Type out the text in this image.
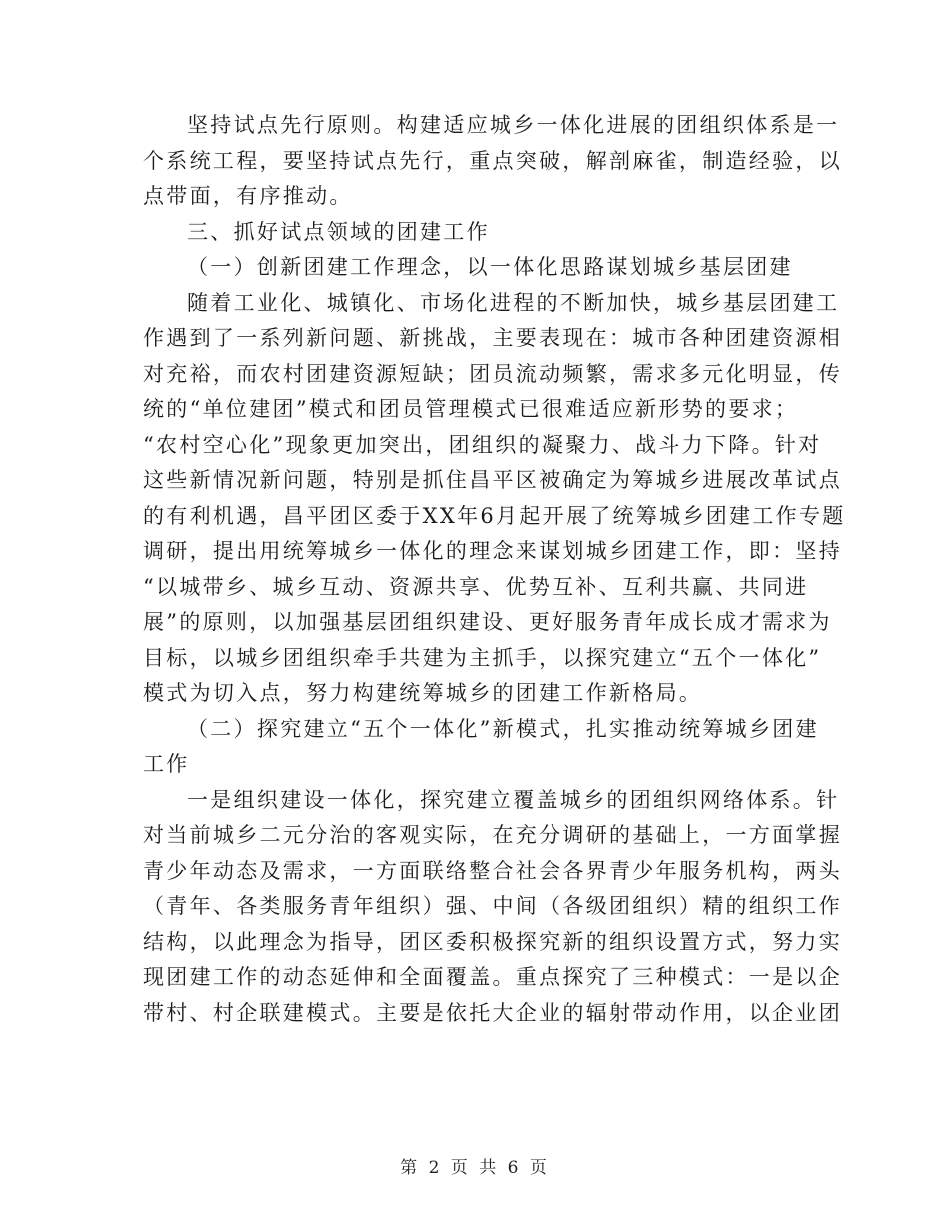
坚持试点先行原则。构建适应城乡一体化进展的团组织体系是一
个系统工程，要坚持试点先行，重点突破，解剖麻雀，制造经验，以
点带面，有序推动。
三、抓好试点领域的团建工作
（一）创新团建工作理念，以一体化思路谋划城乡基层团建
随着工业化、城镇化、市场化进程的不断加快，城乡基层团建工
作遇到了一系列新问题、新挑战，主要表现在：城市各种团建资源相
对充裕，而农村团建资源短缺；团员流动频繁，需求多元化明显，传
统的“单位建团”模式和团员管理模式已很难适应新形势的要求；
“农村空心化”现象更加突出，团组织的凝聚力、战斗力下降。针对
这些新情况新问题，特别是抓住昌平区被确定为筹城乡进展改革试点
的有利机遇，昌平团区委于XX年6月起开展了统筹城乡团建工作专题
调研，提出用统筹城乡一体化的理念来谋划城乡团建工作，即：坚持
“以城带乡、城乡互动、资源共享、优势互补、互利共赢、共同进
展”的原则，以加强基层团组织建设、更好服务青年成长成才需求为
目标，以城乡团组织牵手共建为主抓手，以探究建立“五个一体化”
模式为切入点，努力构建统筹城乡的团建工作新格局。
（二）探究建立“五个一体化”新模式，扎实推动统筹城乡团建
工作
一是组织建设一体化，探究建立覆盖城乡的团组织网络体系。针
对当前城乡二元分治的客观实际，在充分调研的基础上，一方面掌握
青少年动态及需求，一方面联络整合社会各界青少年服务机构，两头
（青年、各类服务青年组织）强、中间（各级团组织）精的组织工作
结构，以此理念为指导，团区委积极探究新的组织设置方式，努力实
现团建工作的动态延伸和全面覆盖。重点探究了三种模式：一是以企
带村、村企联建模式。主要是依托大企业的辐射带动作用，以企业团
第 2 页 共 6 页
